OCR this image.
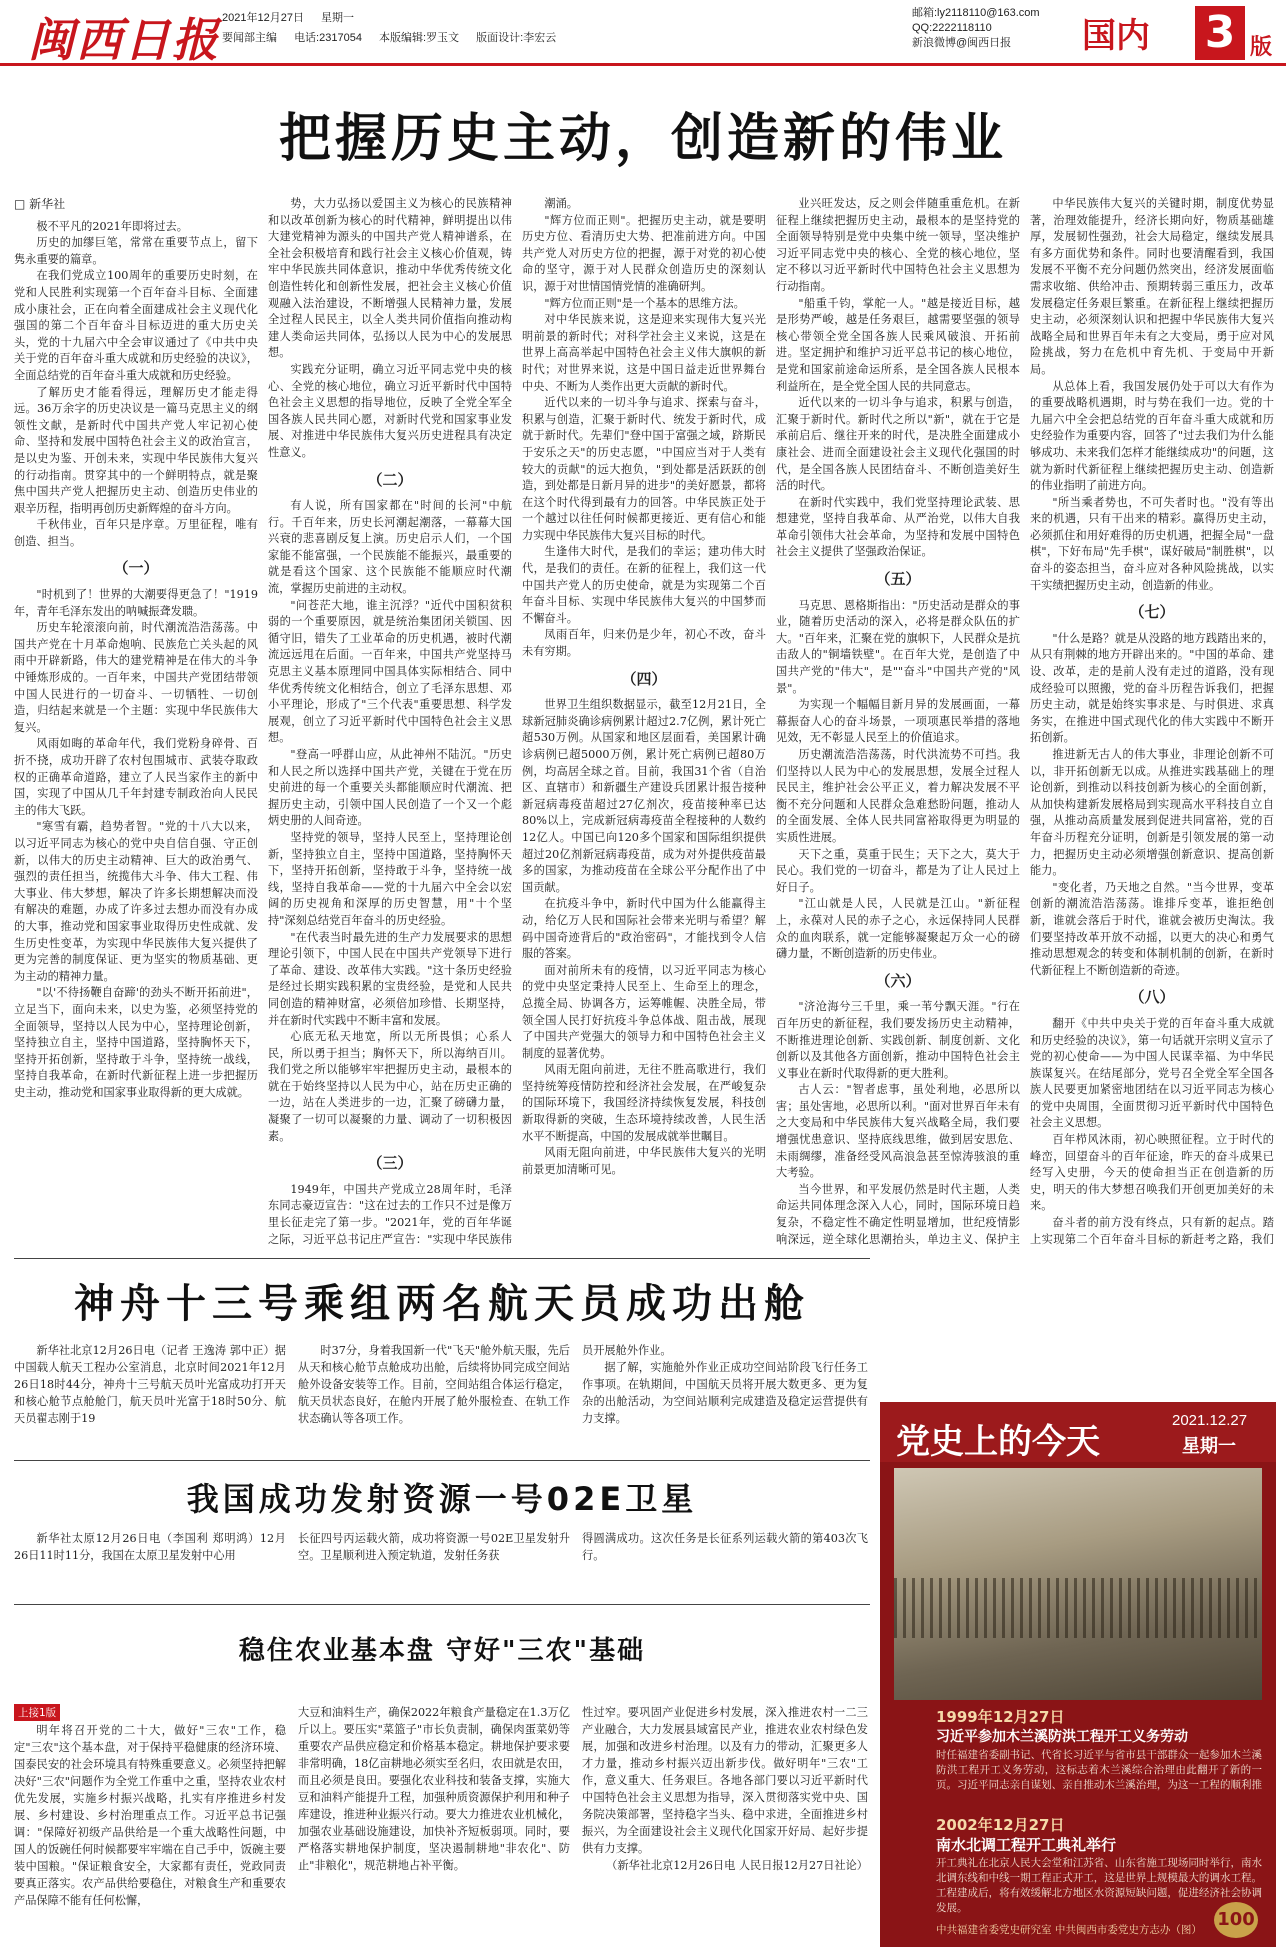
闽西日报 2021年12月27日 星期一
要闻部主编 电话:2317054 本版编辑:罗玉文 版面设计:李宏云
邮箱:ly2118110@163.com
QQ:2222118110
新浪微博@闽西日报	国内 3 版
把握历史主动，创造新的伟业
□ 新华社

极不平凡的2021年即将过去。

历史的加缪巨笔，常常在重要节点上，留下隽永重要的篇章。

在我们党成立100周年的重要历史时刻，在党和人民胜利实现第一个百年奋斗目标、全面建成小康社会，正在向着全面建成社会主义现代化强国的第二个百年奋斗目标迈进的重大历史关头，党的十九届六中全会审议通过了《中共中央关于党的百年奋斗重大成就和历史经验的决议》，全面总结党的百年奋斗重大成就和历史经验。

了解历史才能看得远，理解历史才能走得远。36万余字的历史决议是一篇马克思主义的纲领性文献，是新时代中国共产党人牢记初心使命、坚持和发展中国特色社会主义的政治宣言，是以史为鉴、开创未来，实现中华民族伟大复兴的行动指南。贯穿其中的一个鲜明特点，就是聚焦中国共产党人把握历史主动、创造历史伟业的艰辛历程，指明再创历史新辉煌的奋斗方向。

千秋伟业，百年只是序章。万里征程，唯有创造、担当。

（一）

"时机到了！世界的大潮要得更急了！"1919年，青年毛泽东发出的呐喊振聋发聩。

历史车轮滚滚向前，时代潮流浩浩荡荡。中国共产党在十月革命炮响、民族危亡关头起的风雨中开辟新路，伟大的建党精神是在伟大的斗争中锤炼形成的。一百年来，中国共产党团结带领中国人民进行的一切奋斗、一切牺牲、一切创造，归结起来就是一个主题：实现中华民族伟大复兴。

风雨如晦的革命年代，我们党粉身碎骨、百折不挠，成功开辟了农村包围城市、武装夺取政权的正确革命道路，建立了人民当家作主的新中国，实现了中国从几千年封建专制政治向人民民主的伟大飞跃。

"寒雪有霸，趋势者智。"党的十八大以来，以习近平同志为核心的党中央自信自强、守正创新，以伟大的历史主动精神、巨大的政治勇气、强烈的责任担当，统揽伟大斗争、伟大工程、伟大事业、伟大梦想，解决了许多长期想解决而没有解决的难题，办成了许多过去想办而没有办成的大事，推动党和国家事业取得历史性成就、发生历史性变革，为实现中华民族伟大复兴提供了更为完善的制度保证、更为坚实的物质基础、更为主动的精神力量。

"以'不待扬鞭自奋蹄'的劲头不断开拓前进"，立足当下，面向未来，以史为鉴，必须坚持党的全面领导，坚持以人民为中心，坚持理论创新，坚持独立自主，坚持中国道路，坚持胸怀天下，坚持开拓创新，坚持敢于斗争，坚持统一战线，坚持自我革命，在新时代新征程上进一步把握历史主动，推动党和国家事业取得新的更大成就。

势，大力弘扬以爱国主义为核心的民族精神和以改革创新为核心的时代精神，鲜明提出以伟大建党精神为源头的中国共产党人精神谱系，在全社会积极培育和践行社会主义核心价值观，铸牢中华民族共同体意识，推动中华优秀传统文化创造性转化和创新性发展，把社会主义核心价值观融入法治建设，不断增强人民精神力量，发展全过程人民民主，以全人类共同价值指向推动构建人类命运共同体，弘扬以人民为中心的发展思想。

实践充分证明，确立习近平同志党中央的核心、全党的核心地位，确立习近平新时代中国特色社会主义思想的指导地位，反映了全党全军全国各族人民共同心愿，对新时代党和国家事业发展、对推进中华民族伟大复兴历史进程具有决定性意义。

（二）

有人说，所有国家都在"时间的长河"中航行。千百年来，历史长河潮起潮落，一幕幕大国兴衰的悲喜剧反复上演。历史启示人们，一个国家能不能富强，一个民族能不能振兴，最重要的就是看这个国家、这个民族能不能顺应时代潮流，掌握历史前进的主动权。

"问苍茫大地，谁主沉浮？"近代中国积贫积弱的一个重要原因，就是统治集团闭关锁国、因循守旧，错失了工业革命的历史机遇，被时代潮流远远甩在后面。一百年来，中国共产党坚持马克思主义基本原理同中国具体实际相结合、同中华优秀传统文化相结合，创立了毛泽东思想、邓小平理论，形成了"三个代表"重要思想、科学发展观，创立了习近平新时代中国特色社会主义思想。

"登高一呼群山应，从此神州不陆沉。"历史和人民之所以选择中国共产党，关键在于党在历史前进的每一个重要关头都能顺应时代潮流、把握历史主动，引领中国人民创造了一个又一个彪炳史册的人间奇迹。

坚持党的领导，坚持人民至上，坚持理论创新，坚持独立自主，坚持中国道路，坚持胸怀天下，坚持开拓创新，坚持敢于斗争，坚持统一战线，坚持自我革命——党的十九届六中全会以宏阔的历史视角和深厚的历史智慧，用"十个坚持"深刻总结党百年奋斗的历史经验。

"在代表当时最先进的生产力发展要求的思想理论引领下，中国人民在中国共产党领导下进行了革命、建设、改革伟大实践。"这十条历史经验是经过长期实践积累的宝贵经验，是党和人民共同创造的精神财富，必须倍加珍惜、长期坚持，并在新时代实践中不断丰富和发展。

心底无私天地宽，所以无所畏惧；心系人民，所以勇于担当；胸怀天下，所以海纳百川。我们党之所以能够牢牢把握历史主动，最根本的就在于始终坚持以人民为中心，站在历史正确的一边，站在人类进步的一边，汇聚了磅礴力量，凝聚了一切可以凝聚的力量、调动了一切积极因素。

（三）

1949年，中国共产党成立28周年时，毛泽东同志豪迈宣告："这在过去的工作只不过是像万里长征走完了第一步。"2021年，党的百年华诞之际，习近平总书记庄严宣告："实现中华民族伟

潮涌。

"辉方位而正则"。把握历史主动，就是要明历史方位、看清历史大势、把准前进方向。中国共产党人对历史方位的把握，源于对党的初心使命的坚守，源于对人民群众创造历史的深刻认识，源于对世情国情党情的准确研判。

"辉方位而正则"是一个基本的思维方法。

对中华民族来说，这是迎来实现伟大复兴光明前景的新时代；对科学社会主义来说，这是在世界上高高举起中国特色社会主义伟大旗帜的新时代；对世界来说，这是中国日益走近世界舞台中央、不断为人类作出更大贡献的新时代。

近代以来的一切斗争与追求、探索与奋斗，积累与创造，汇聚于新时代、统发于新时代，成就于新时代。先辈们"登中国于富强之域，跻斯民于安乐之天"的历史志愿，"中国应当对于人类有较大的贡献"的远大抱负，"到处都是活跃跃的创造，到处都是日新月异的进步"的美好愿景，都将在这个时代得到最有力的回答。中华民族正处于一个越过以往任何时候都更接近、更有信心和能力实现中华民族伟大复兴目标的时代。

生逢伟大时代，是我们的幸运；建功伟大时代，是我们的责任。在新的征程上，我们这一代中国共产党人的历史使命，就是为实现第二个百年奋斗目标、实现中华民族伟大复兴的中国梦而不懈奋斗。

凤雨百年，归来仍是少年，初心不改，奋斗未有穷期。

（四）

世界卫生组织数据显示，截至12月21日，全球新冠肺炎确诊病例累计超过2.7亿例，累计死亡超530万例。从国家和地区层面看，美国累计确诊病例已超5000万例，累计死亡病例已超80万例，均高居全球之首。目前，我国31个省（自治区、直辖市）和新疆生产建设兵团累计报告接种新冠病毒疫苗超过27亿剂次，疫苗接种率已达80%以上，完成新冠病毒疫苗全程接种的人数约12亿人。中国已向120多个国家和国际组织提供超过20亿剂新冠病毒疫苗，成为对外提供疫苗最多的国家，为推动疫苗在全球公平分配作出了中国贡献。

在抗疫斗争中，新时代中国为什么能赢得主动，给亿万人民和国际社会带来光明与希望？解码中国奇迹背后的"政治密码"，才能找到令人信服的答案。

面对前所未有的疫情，以习近平同志为核心的党中央坚定秉持人民至上、生命至上的理念，总揽全局、协调各方，运筹帷幄、决胜全局，带领全国人民打好抗疫斗争总体战、阻击战，展现了中国共产党强大的领导力和中国特色社会主义制度的显著优势。

风雨无阻向前进，无往不胜高歌进行，我们坚持统筹疫情防控和经济社会发展，在严峻复杂的国际环境下，我国经济持续恢复发展，科技创新取得新的突破，生态环境持续改善，人民生活水平不断提高，中国的发展成就举世瞩目。

风雨无阻向前进，中华民族伟大复兴的光明前景更加清晰可见。

业兴旺发达，反之则会伴随重重危机。在新征程上继续把握历史主动，最根本的是坚持党的全面领导特别是党中央集中统一领导，坚决维护习近平同志党中央的核心、全党的核心地位，坚定不移以习近平新时代中国特色社会主义思想为行动指南。

"船重千钧，掌舵一人。"越是接近目标，越是形势严峻，越是任务艰巨，越需要坚强的领导核心带领全党全国各族人民乘风破浪、开拓前进。坚定拥护和维护习近平总书记的核心地位，是党和国家前途命运所系，是全国各族人民根本利益所在，是全党全国人民的共同意志。

近代以来的一切斗争与追求，积累与创造，汇聚于新时代。新时代之所以"新"，就在于它是承前启后、继往开来的时代，是决胜全面建成小康社会、进而全面建设社会主义现代化强国的时代，是全国各族人民团结奋斗、不断创造美好生活的时代。

在新时代实践中，我们党坚持理论武装、思想建党，坚持自我革命、从严治党，以伟大自我革命引领伟大社会革命，为坚持和发展中国特色社会主义提供了坚强政治保证。

（五）

马克思、恩格斯指出："历史活动是群众的事业，随着历史活动的深入，必将是群众队伍的扩大。"百年来，汇聚在党的旗帜下，人民群众是抗击敌人的"铜墙铁壁"。在百年大党，是创造了中国共产党的"伟大"，是""奋斗"中国共产党的"风景"。

为实现一个幅幅目新月异的发展画面，一幕幕振奋人心的奋斗场景，一项项惠民举措的落地见效，无不彰显人民至上的价值追求。

历史潮流浩浩荡荡，时代洪流势不可挡。我们坚持以人民为中心的发展思想，发展全过程人民民主，维护社会公平正义，着力解决发展不平衡不充分问题和人民群众急难愁盼问题，推动人的全面发展、全体人民共同富裕取得更为明显的实质性进展。

天下之重，莫重于民生；天下之大，莫大于民心。我们党的一切奋斗，都是为了让人民过上好日子。

"江山就是人民，人民就是江山。"新征程上，永葆对人民的赤子之心，永远保持同人民群众的血肉联系，就一定能够凝聚起万众一心的磅礴力量，不断创造新的历史伟业。

（六）

"济沧海兮三千里，乘一苇兮飘天涯。"行在百年历史的新征程，我们要发扬历史主动精神，不断推进理论创新、实践创新、制度创新、文化创新以及其他各方面创新，推动中国特色社会主义事业在新时代取得新的更大胜利。

古人云："智者虑事，虽处利地，必思所以害；虽处害地，必思所以利。"面对世界百年未有之大变局和中华民族伟大复兴战略全局，我们要增强忧患意识、坚持底线思维，做到居安思危、未雨绸缪，准备经受风高浪急甚至惊涛骇浪的重大考验。

当今世界，和平发展仍然是时代主题，人类命运共同体理念深入人心，同时，国际环境日趋复杂，不稳定性不确定性明显增加，世纪疫情影响深远，逆全球化思潮抬头，单边主义、保护主

中华民族伟大复兴的关键时期，制度优势显著，治理效能提升，经济长期向好，物质基础雄厚，发展韧性强劲，社会大局稳定，继续发展具有多方面优势和条件。同时也要清醒看到，我国发展不平衡不充分问题仍然突出，经济发展面临需求收缩、供给冲击、预期转弱三重压力，改革发展稳定任务艰巨繁重。在新征程上继续把握历史主动，必须深刻认识和把握中华民族伟大复兴战略全局和世界百年未有之大变局，勇于应对风险挑战，努力在危机中育先机、于变局中开新局。

从总体上看，我国发展仍处于可以大有作为的重要战略机遇期，时与势在我们一边。党的十九届六中全会把总结党的百年奋斗重大成就和历史经验作为重要内容，回答了"过去我们为什么能够成功、未来我们怎样才能继续成功"的问题，这就为新时代新征程上继续把握历史主动、创造新的伟业指明了前进方向。

"所当乘者势也，不可失者时也。"没有等出来的机遇，只有干出来的精彩。赢得历史主动，必须抓住和用好难得的历史机遇，把握全局"一盘棋"，下好布局"先手棋"，谋好破局"制胜棋"，以奋斗的姿态担当，奋斗应对各种风险挑战，以实干实绩把握历史主动，创造新的伟业。

（七）

"什么是路？就是从没路的地方践踏出来的，从只有荆棘的地方开辟出来的。"中国的革命、建设、改革，走的是前人没有走过的道路，没有现成经验可以照搬，党的奋斗历程告诉我们，把握历史主动，就是始终实事求是、与时俱进、求真务实，在推进中国式现代化的伟大实践中不断开拓创新。

推进新无古人的伟大事业，非理论创新不可以，非开拓创新无以成。从推进实践基础上的理论创新，到推动以科技创新为核心的全面创新，从加快构建新发展格局到实现高水平科技自立自强，从推动高质量发展到促进共同富裕，党的百年奋斗历程充分证明，创新是引领发展的第一动力，把握历史主动必须增强创新意识、提高创新能力。

"变化者，乃天地之自然。"当今世界，变革创新的潮流浩浩荡荡。谁排斥变革，谁拒绝创新，谁就会落后于时代，谁就会被历史淘汰。我们要坚持改革开放不动摇，以更大的决心和勇气推动思想观念的转变和体制机制的创新，在新时代新征程上不断创造新的奇迹。

（八）

翻开《中共中央关于党的百年奋斗重大成就和历史经验的决议》，第一句话就开宗明义宣示了党的初心使命——为中国人民谋幸福、为中华民族谋复兴。在结尾部分，党号召全党全军全国各族人民要更加紧密地团结在以习近平同志为核心的党中央周围，全面贯彻习近平新时代中国特色社会主义思想。

百年栉风沐雨，初心映照征程。立于时代的峰峦，回望奋斗的百年征途，昨天的奋斗成果已经写入史册，今天的使命担当正在创造新的历史，明天的伟大梦想召唤我们开创更加美好的未来。

奋斗者的前方没有终点，只有新的起点。踏上实现第二个百年奋斗目标的新赶考之路，我们

神舟十三号乘组两名航天员成功出舱

新华社北京12月26日电（记者 王逸涛 郭中正）据中国载人航天工程办公室消息，北京时间2021年12月26日18时44分，神舟十三号航天员叶光富成功打开天和核心舱节点舱舱门，航天员叶光富于18时50分、航天员翟志刚于19

时37分，身着我国新一代"飞天"舱外航天服，先后从天和核心舱节点舱成功出舱，后续将协同完成空间站舱外设备安装等工作。目前，空间站组合体运行稳定，航天员状态良好，在舱内开展了舱外服检查、在轨工作状态确认等各项工作。

员开展舱外作业。

据了解，实施舱外作业正成功空间站阶段飞行任务工作事项。在轨期间，中国航天员将开展大数更多、更为复杂的出舱活动，为空间站顺利完成建造及稳定运营提供有力支撑。

我国成功发射资源一号02E卫星

新华社太原12月26日电（李国利 郑明鸿）12月26日11时11分，我国在太原卫星发射中心用

长征四号丙运载火箭，成功将资源一号02E卫星发射升空。卫星顺利进入预定轨道，发射任务获

得圆满成功。这次任务是长征系列运载火箭的第403次飞行。

稳住农业基本盘 守好"三农"基础
上接1版

明年将召开党的二十大，做好"三农"工作，稳定"三农"这个基本盘，对于保持平稳健康的经济环境、国泰民安的社会环境具有特殊重要意义。必须坚持把解决好"三农"问题作为全党工作重中之重，坚持农业农村优先发展，实施乡村振兴战略，扎实有序推进乡村发展、乡村建设、乡村治理重点工作。习近平总书记强调："保障好初级产品供给是一个重大战略性问题，中国人的饭碗任何时候都要牢牢端在自己手中，饭碗主要装中国粮。"保证粮食安全，大家都有责任，党政同责要真正落实。农产品供给要稳住，对粮食生产和重要农产品保障不能有任何松懈，

大豆和油料生产，确保2022年粮食产量稳定在1.3万亿斤以上。要压实"菜篮子"市长负责制，确保肉蛋菜奶等重要农产品供应稳定和价格基本稳定。耕地保护要求要非常明确，18亿亩耕地必须实至名归，农田就是农田，而且必须是良田。要强化农业科技和装备支撑，实施大豆和油料产能提升工程，加强种质资源保护利用和种子库建设，推进种业振兴行动。要大力推进农业机械化，加强农业基础设施建设，加快补齐短板弱项。同时，要严格落实耕地保护制度，坚决遏制耕地"非农化"、防止"非粮化"，规范耕地占补平衡。

性过窄。要巩固产业促进乡村发展，深入推进农村一二三产业融合，大力发展县域富民产业，推进农业农村绿色发展，加强和改进乡村治理。以及有力的带动，汇聚更多人才力量，推动乡村振兴迈出新步伐。做好明年"三农"工作，意义重大、任务艰巨。各地各部门要以习近平新时代中国特色社会主义思想为指导，深入贯彻落实党中央、国务院决策部署，坚持稳字当头、稳中求进，全面推进乡村振兴，为全面建设社会主义现代化国家开好局、起好步提供有力支撑。

（新华社北京12月26日电 人民日报12月27日社论）

党史上的今天
2021.12.27
星期一
1999年12月27日
习近平参加木兰溪防洪工程开工义务劳动
时任福建省委副书记、代省长习近平与省市县干部群众一起参加木兰溪防洪工程开工义务劳动，这标志着木兰溪综合治理由此翻开了新的一页。习近平同志亲自谋划、亲自推动木兰溪治理，为这一工程的顺利推
2002年12月27日
南水北调工程开工典礼举行
开工典礼在北京人民大会堂和江苏省、山东省施工现场同时举行，南水北调东线和中线一期工程正式开工，这是世界上规模最大的调水工程。工程建成后，将有效缓解北方地区水资源短缺问题，促进经济社会协调发展。
中共福建省委党史研究室 中共闽西市委党史方志办（图） 100
